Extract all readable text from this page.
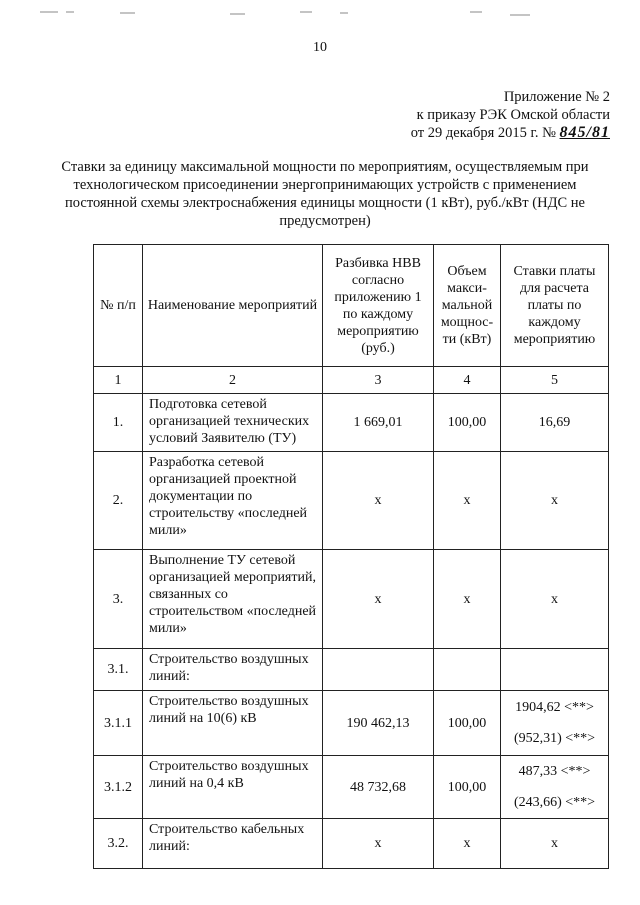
10
Приложение № 2
к приказу РЭК Омской области
от 29 декабря 2015 г. № 845/81
Ставки за единицу максимальной мощности по мероприятиям, осуществляемым при технологическом присоединении энергопринимающих устройств с применением постоянной схемы электроснабжения единицы мощности (1 кВт), руб./кВт (НДС не предусмотрен)
№ п/п	Наименование мероприятий	Разбивка НВВ согласно приложению 1 по каждому мероприятию (руб.)	Объем макси-мальной мощнос-ти (кВт)	Ставки платы для расчета платы по каждому мероприятию
1	2	3	4	5
1.	Подготовка сетевой организацией технических условий Заявителю (ТУ)	1 669,01	100,00	16,69
2.	Разработка сетевой организацией проектной документации по строительству «последней мили»	х	х	х
3.	Выполнение ТУ сетевой организацией мероприятий, связанных со строительством «последней мили»	х	х	х
3.1.	Строительство воздушных линий:			
3.1.1	Строительство воздушных линий на 10(6) кВ	190 462,13	100,00	1904,62 <**>
(952,31) <**>

3.1.2	Строительство воздушных линий на 0,4 кВ	48 732,68	100,00	487,33 <**>
(243,66) <**>

3.2.	Строительство кабельных линий:	х	х	х
